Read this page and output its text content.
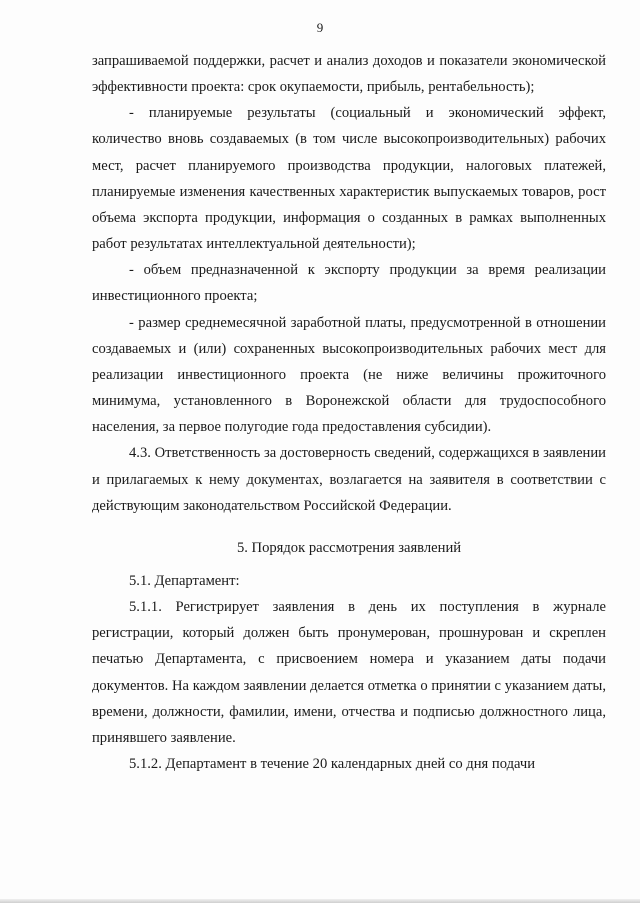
9

запрашиваемой поддержки, расчет и анализ доходов и показатели экономической эффективности проекта: срок окупаемости, прибыль, рентабельность);

- планируемые результаты (социальный и экономический эффект, количество вновь создаваемых (в том числе высокопроизводительных) рабочих мест, расчет планируемого производства продукции, налоговых платежей, планируемые изменения качественных характеристик выпускаемых товаров, рост объема экспорта продукции, информация о созданных в рамках выполненных работ результатах интеллектуальной деятельности);

- объем предназначенной к экспорту продукции за время реализации инвестиционного проекта;

- размер среднемесячной заработной платы, предусмотренной в отношении создаваемых и (или) сохраненных высокопроизводительных рабочих мест для реализации инвестиционного проекта (не ниже величины прожиточного минимума, установленного в Воронежской области для трудоспособного населения, за первое полугодие года предоставления субсидии).

4.3. Ответственность за достоверность сведений, содержащихся в заявлении и прилагаемых к нему документах, возлагается на заявителя в соответствии с действующим законодательством Российской Федерации.

5. Порядок рассмотрения заявлений

5.1. Департамент:

5.1.1. Регистрирует заявления в день их поступления в журнале регистрации, который должен быть пронумерован, прошнурован и скреплен печатью Департамента, с присвоением номера и указанием даты подачи документов. На каждом заявлении делается отметка о принятии с указанием даты, времени, должности, фамилии, имени, отчества и подписью должностного лица, принявшего заявление.

5.1.2. Департамент в течение 20 календарных дней со дня подачи
